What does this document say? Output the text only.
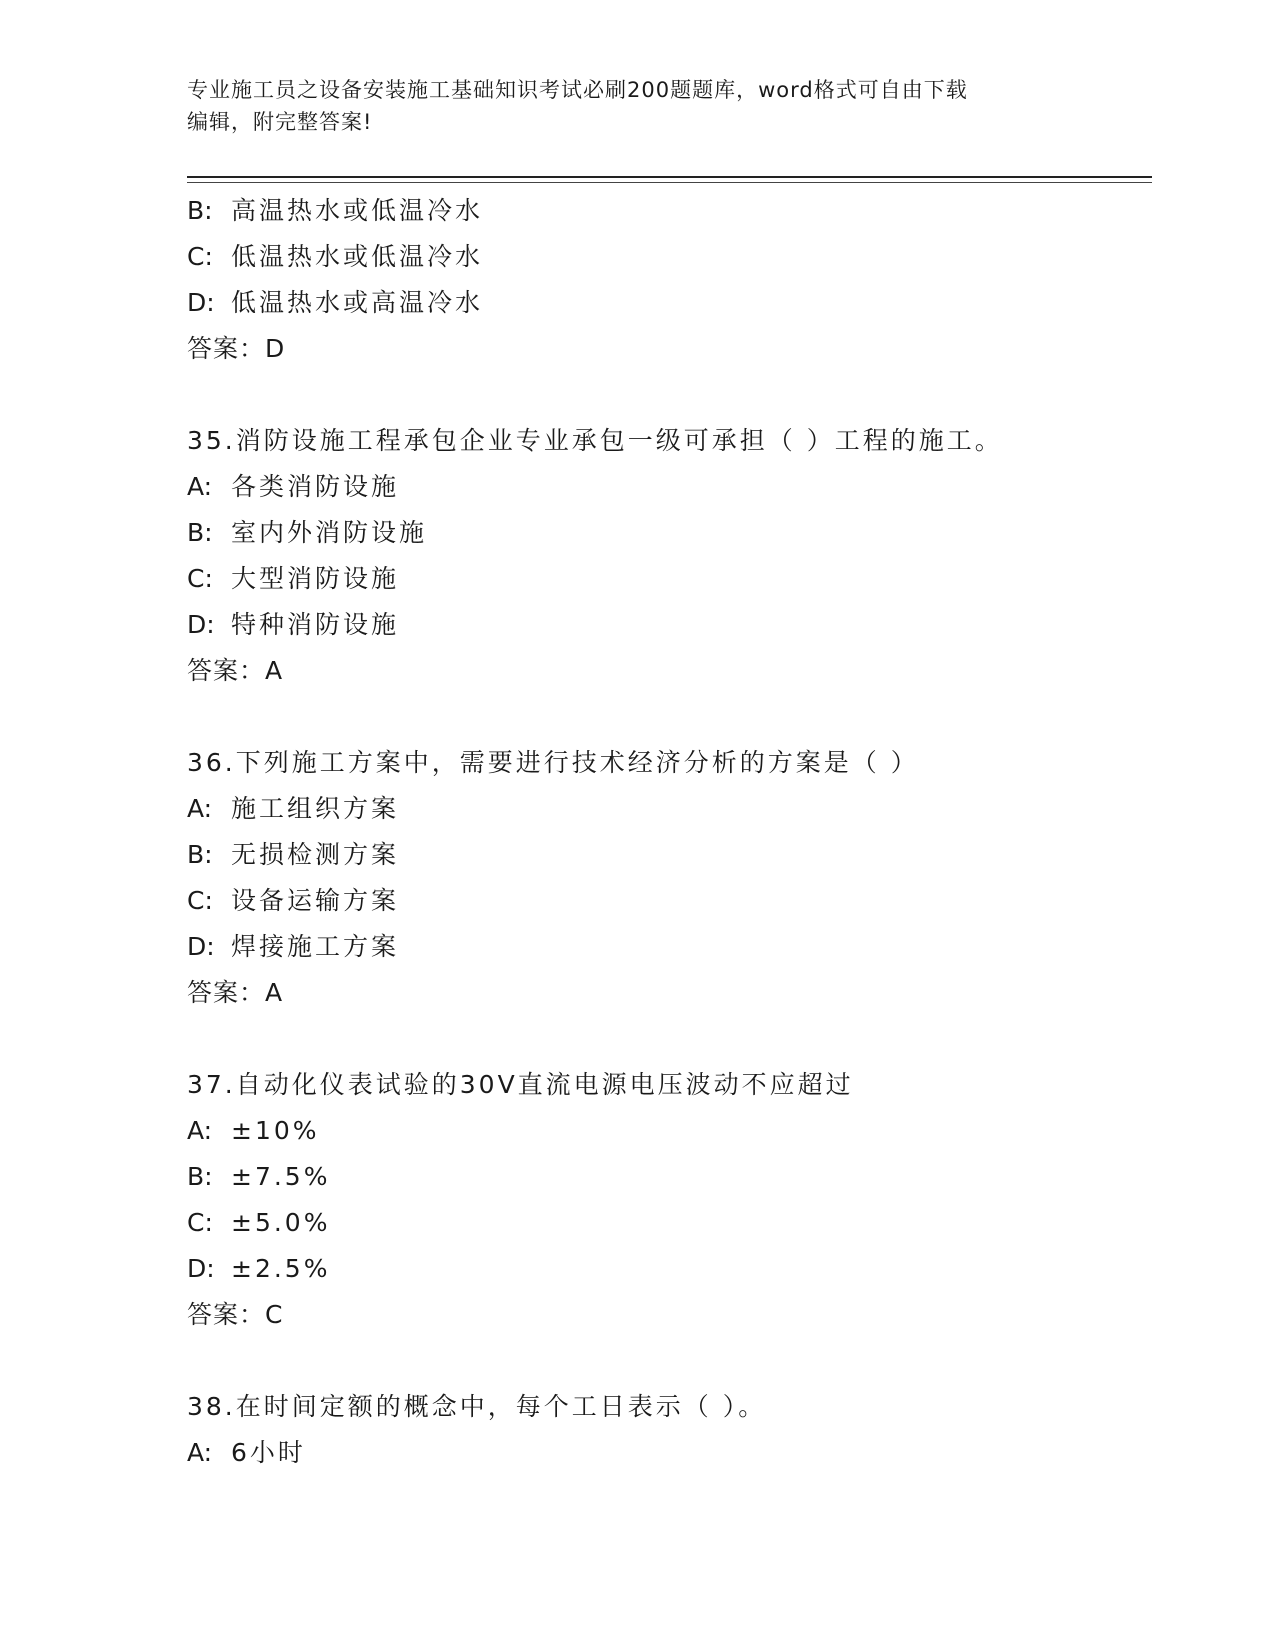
专业施工员之设备安装施工基础知识考试必刷200题题库，word格式可自由下载
编辑，附完整答案!
B: 高温热水或低温冷水
C: 低温热水或低温冷水
D: 低温热水或高温冷水
答案：D
35.消防设施工程承包企业专业承包一级可承担（ ）工程的施工。
A: 各类消防设施
B: 室内外消防设施
C: 大型消防设施
D: 特种消防设施
答案：A
36.下列施工方案中，需要进行技术经济分析的方案是（ ）
A: 施工组织方案
B: 无损检测方案
C: 设备运输方案
D: 焊接施工方案
答案：A
37.自动化仪表试验的30V直流电源电压波动不应超过
A: ±10%
B: ±7.5%
C: ±5.0%
D: ±2.5%
答案：C
38.在时间定额的概念中，每个工日表示（ ）。
A: 6小时
